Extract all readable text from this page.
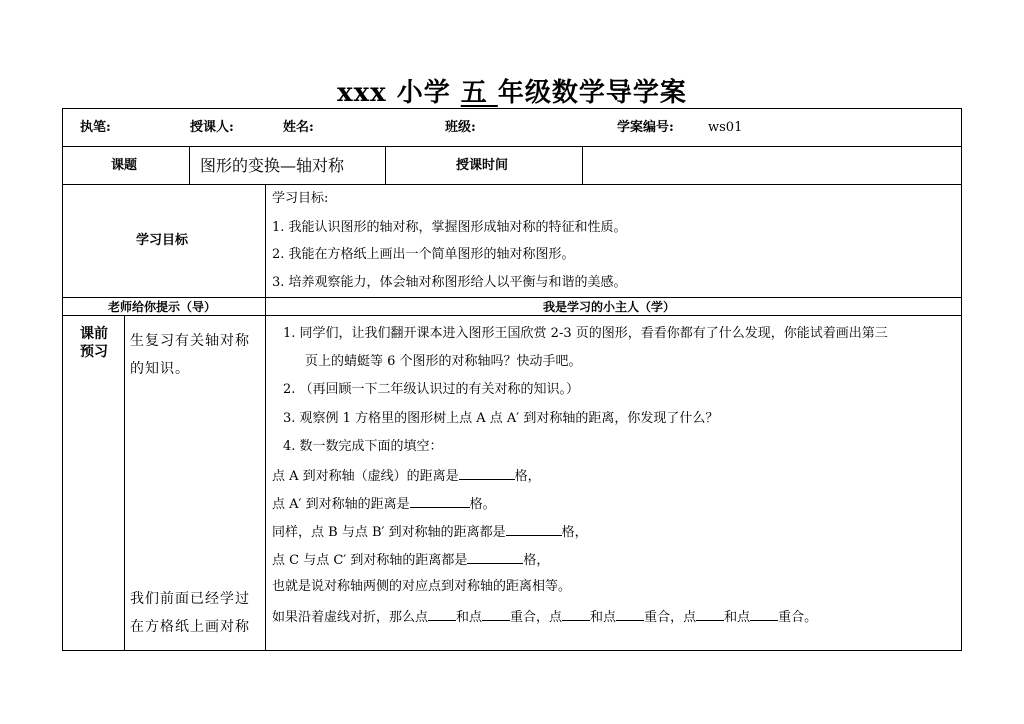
xxx 小学 五 年级数学导学案
执笔:	授课人:	姓名:	班级:	学案编号:	ws01
课题	图形的变换—轴对称	授课时间
学习目标
学习目标:
1. 我能认识图形的轴对称，掌握图形成轴对称的特征和性质。
2. 我能在方格纸上画出一个简单图形的轴对称图形。
3. 培养观察能力，体会轴对称图形给人以平衡与和谐的美感。
老师给你提示（导）	我是学习的小主人（学）
课前
预习
生复习有关轴对称
的知识。
我们前面已经学过
在方格纸上画对称
1. 同学们，让我们翻开课本进入图形王国欣赏 2-3 页的图形，看看你都有了什么发现，你能试着画出第三
页上的蜻蜓等 6 个图形的对称轴吗？快动手吧。
2. （再回顾一下二年级认识过的有关对称的知识。）
3. 观察例 1 方格里的图形树上点 A 点 A′ 到对称轴的距离，你发现了什么？
4. 数一数完成下面的填空：
点 A 到对称轴（虚线）的距离是	格，
点 A′ 到对称轴的距离是	格。
同样，点 B 与点 B′ 到对称轴的距离都是	格，
点 C 与点 C′ 到对称轴的距离都是	格，
也就是说对称轴两侧的对应点到对称轴的距离相等。
如果沿着虚线对折，那么点 和点 重合，点 和点 重合，点 和点 重合。
